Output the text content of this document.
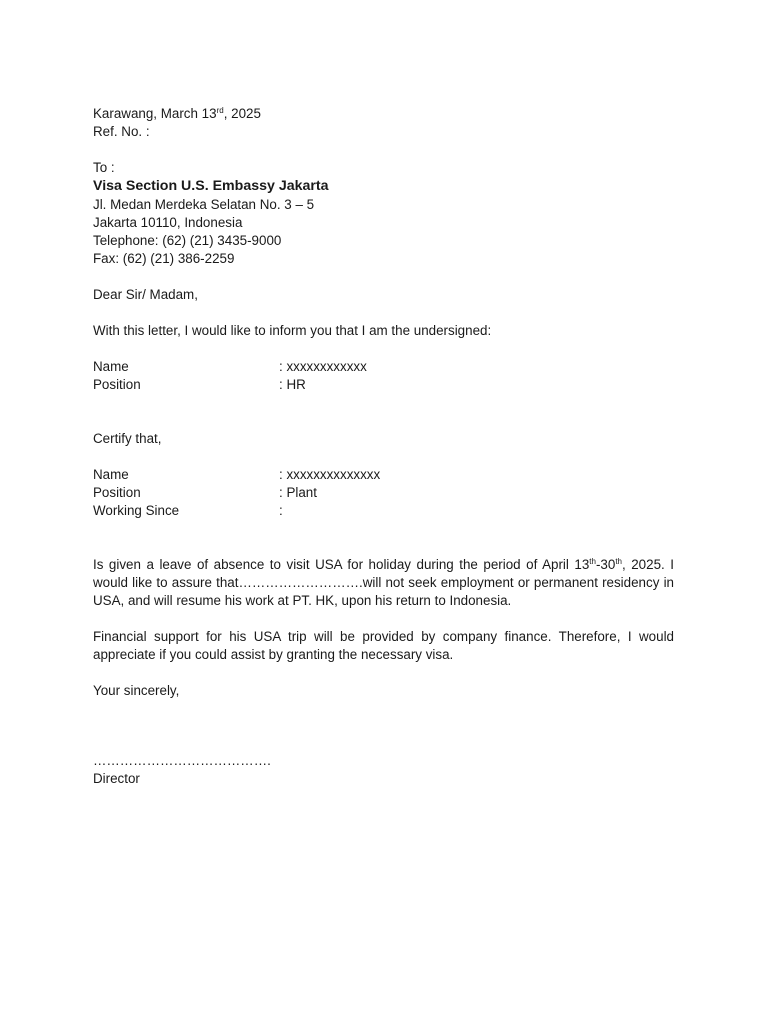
Karawang, March 13rd, 2025
Ref. No. :
To :
Visa Section U.S. Embassy Jakarta
Jl. Medan Merdeka Selatan No. 3 – 5
Jakarta 10110, Indonesia
Telephone: (62) (21) 3435-9000
Fax: (62) (21) 386-2259
Dear Sir/ Madam,
With this letter, I would like to inform you that I am the undersigned:
Name	: xxxxxxxxxxxx
Position	: HR
Certify that,
Name	: xxxxxxxxxxxxxx
Position	: Plant
Working Since	:
Is given a leave of absence to visit USA for holiday during the period of April 13th-30th, 2025. I would like to assure that……………………….will not seek employment or permanent residency in USA, and will resume his work at PT. HK, upon his return to Indonesia.
Financial support for his USA trip will be provided by company finance. Therefore, I would appreciate if you could assist by granting the necessary visa.
Your sincerely,
………………………………….
Director
